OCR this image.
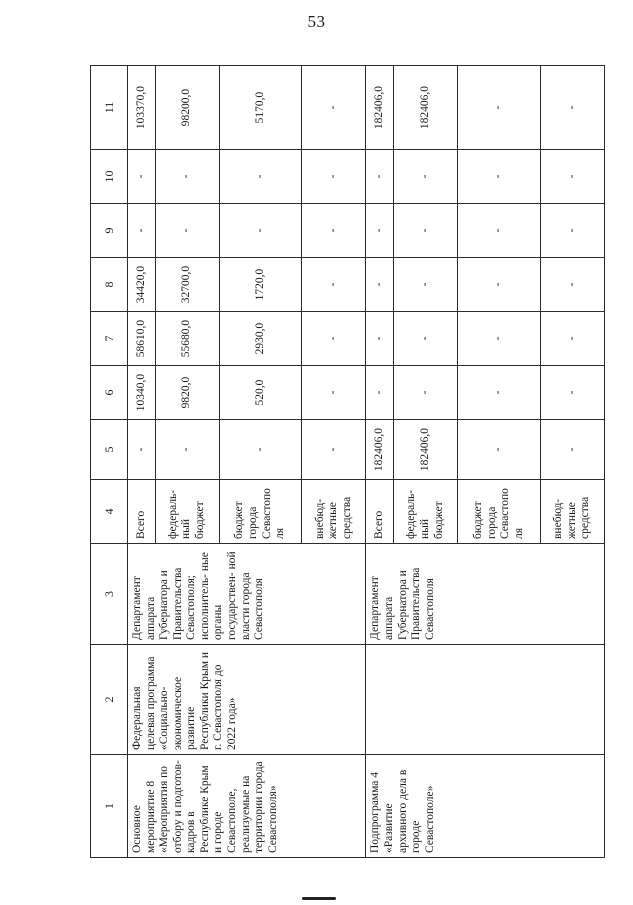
53
1	2	3	4	5	6	7	8	9	10	11
Основное мероприятие 8 «Мероприятия по отбору и подготов- кадров в Республике Крым и городе Севастополе, реализуемые на территории города Севастополя»	Федеральная целевая программа «Социально- экономическое развитие Республики Крым и г. Севастополя до 2022 года»	Департамент аппарата Губернатора и Правительства Севастополя; исполнитель- ные органы государствен- ной власти города Севастополя	Всего	-	10340,0	58610,0	34420,0	-	-	103370,0
			федераль- ный бюджет	-	9820,0	55680,0	32700,0	-	-	98200,0
			бюджет города Севастополя	-	520,0	2930,0	1720,0	-	-	5170,0
			внебюд- жетные средства	-	-	-	-	-	-	-
Подпрограмма 4 «Развитие архивного дела в городе Севастополе»		Департамент аппарата Губернатора и Правительства Севастополя	Всего	182406,0	-	-	-	-	-	182406,0
			федераль- ный бюджет	182406,0	-	-	-	-	-	182406,0
			бюджет города Севастополя	-	-	-	-	-	-	-
			внебюд- жетные средства	-	-	-	-	-	-	-
